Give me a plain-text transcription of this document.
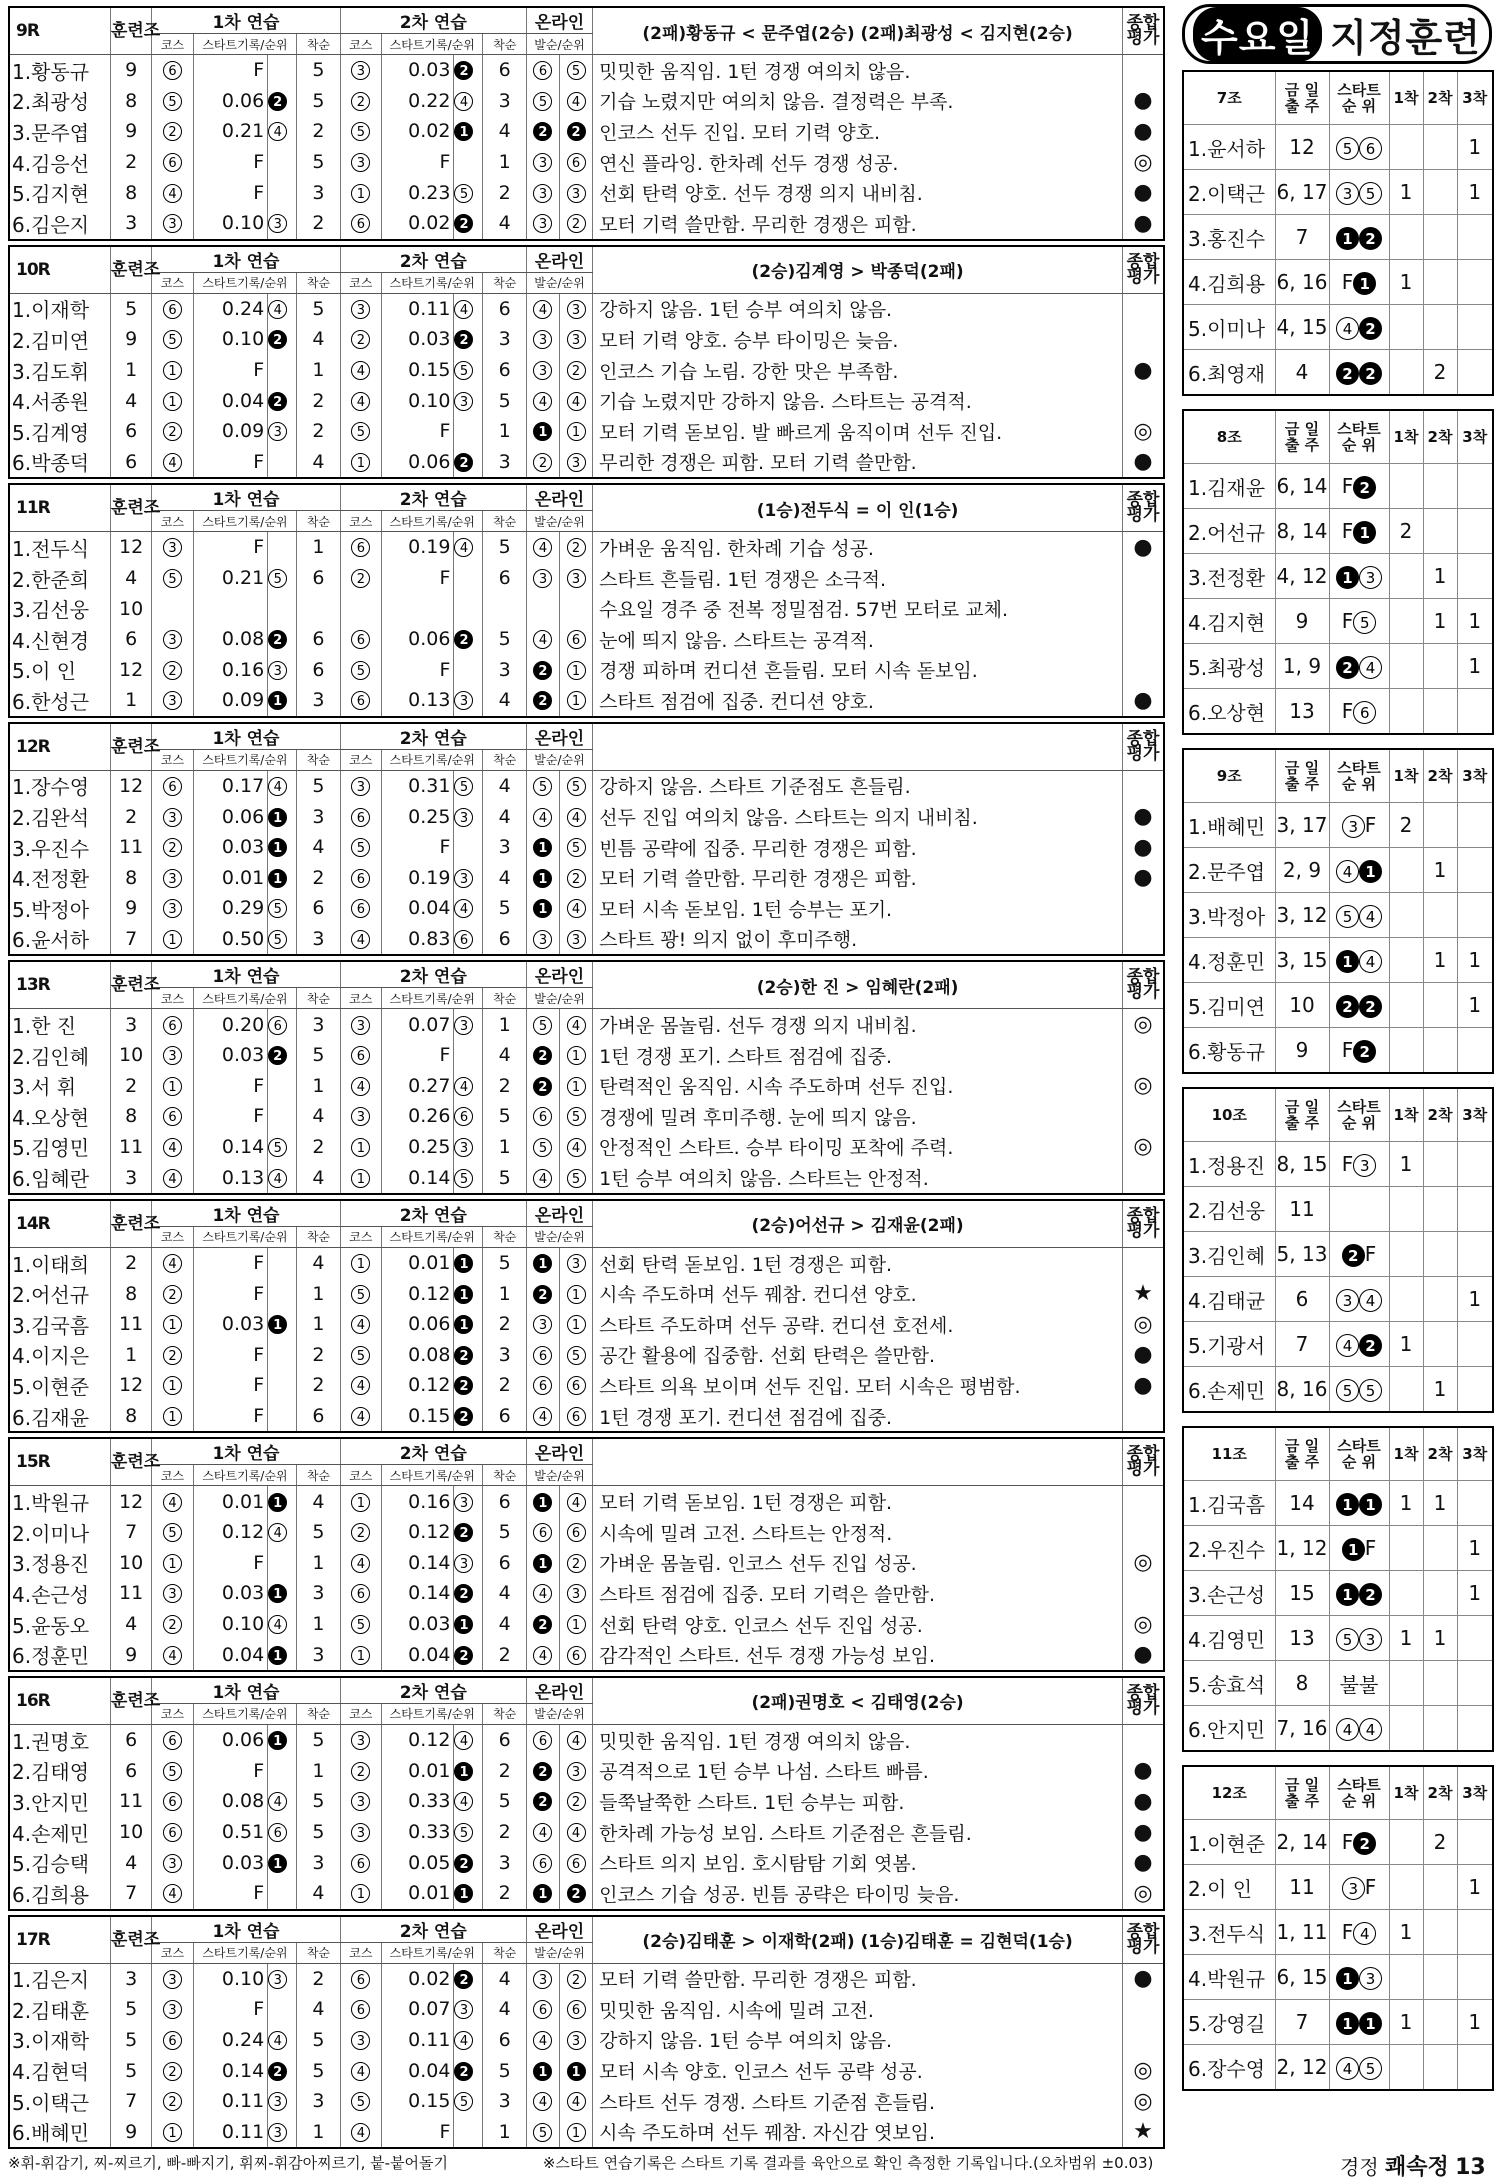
9R	훈련조	1차 연습				2차 연습				온라인		(2패)황동규 < 문주엽(2승) (2패)최광성 < 김지현(2승)	종합평가
		코스	스타트기록/순위		착순	코스	스타트기록/순위		착순	발순/순위			
1.황동규	9	6	F		5	3	0.03	2	6	6	5	밋밋한 움직임. 1턴 경쟁 여의치 않음.	
2.최광성	8	5	0.06	2	5	2	0.22	4	3	5	4	기습 노렸지만 여의치 않음. 결정력은 부족.	●
3.문주엽	9	2	0.21	4	2	5	0.02	1	4	2	2	인코스 선두 진입. 모터 기력 양호.	●
4.김응선	2	6	F		5	3	F		1	3	6	연신 플라잉. 한차례 선두 경쟁 성공.	◎
5.김지현	8	4	F		3	1	0.23	5	2	3	3	선회 탄력 양호. 선두 경쟁 의지 내비침.	●
6.김은지	3	3	0.10	3	2	6	0.02	2	4	3	2	모터 기력 쓸만함. 무리한 경쟁은 피함.	●
10R	훈련조	1차 연습				2차 연습				온라인		(2승)김계영 > 박종덕(2패)	종합평가
		코스	스타트기록/순위		착순	코스	스타트기록/순위		착순	발순/순위			
1.이재학	5	6	0.24	4	5	3	0.11	4	6	4	3	강하지 않음. 1턴 승부 여의치 않음.	
2.김미연	9	5	0.10	2	4	2	0.03	2	3	3	3	모터 기력 양호. 승부 타이밍은 늦음.	
3.김도휘	1	1	F		1	4	0.15	5	6	3	2	인코스 기습 노림. 강한 맛은 부족함.	●
4.서종원	4	1	0.04	2	2	4	0.10	3	5	4	4	기습 노렸지만 강하지 않음. 스타트는 공격적.	
5.김계영	6	2	0.09	3	2	5	F		1	1	1	모터 기력 돋보임. 발 빠르게 움직이며 선두 진입.	◎
6.박종덕	6	4	F		4	1	0.06	2	3	2	3	무리한 경쟁은 피함. 모터 기력 쓸만함.	●
11R	훈련조	1차 연습				2차 연습				온라인		(1승)전두식 = 이 인(1승)	종합평가
		코스	스타트기록/순위		착순	코스	스타트기록/순위		착순	발순/순위			
1.전두식	12	3	F		1	6	0.19	4	5	4	2	가벼운 움직임. 한차례 기습 성공.	●
2.한준희	4	5	0.21	5	6	2	F		6	3	3	스타트 흔들림. 1턴 경쟁은 소극적.	
3.김선웅	10											수요일 경주 중 전복 정밀점검. 57번 모터로 교체.	
4.신현경	6	3	0.08	2	6	6	0.06	2	5	4	6	눈에 띄지 않음. 스타트는 공격적.	
5.이 인	12	2	0.16	3	6	5	F		3	2	1	경쟁 피하며 컨디션 흔들림. 모터 시속 돋보임.	
6.한성근	1	3	0.09	1	3	6	0.13	3	4	2	1	스타트 점검에 집중. 컨디션 양호.	●
12R	훈련조	1차 연습				2차 연습				온라인			종합평가
		코스	스타트기록/순위		착순	코스	스타트기록/순위		착순	발순/순위			
1.장수영	12	6	0.17	4	5	3	0.31	5	4	5	5	강하지 않음. 스타트 기준점도 흔들림.	
2.김완석	2	3	0.06	1	3	6	0.25	3	4	4	4	선두 진입 여의치 않음. 스타트는 의지 내비침.	●
3.우진수	11	2	0.03	1	4	5	F		3	1	5	빈틈 공략에 집중. 무리한 경쟁은 피함.	●
4.전정환	8	3	0.01	1	2	6	0.19	3	4	1	2	모터 기력 쓸만함. 무리한 경쟁은 피함.	●
5.박정아	9	3	0.29	5	6	6	0.04	4	5	1	4	모터 시속 돋보임. 1턴 승부는 포기.	
6.윤서하	7	1	0.50	5	3	4	0.83	6	6	3	3	스타트 꽝! 의지 없이 후미주행.	
13R	훈련조	1차 연습				2차 연습				온라인		(2승)한 진 > 임혜란(2패)	종합평가
		코스	스타트기록/순위		착순	코스	스타트기록/순위		착순	발순/순위			
1.한 진	3	6	0.20	6	3	3	0.07	3	1	5	4	가벼운 몸놀림. 선두 경쟁 의지 내비침.	◎
2.김인혜	10	3	0.03	2	5	6	F		4	2	1	1턴 경쟁 포기. 스타트 점검에 집중.	
3.서 휘	2	1	F		1	4	0.27	4	2	2	1	탄력적인 움직임. 시속 주도하며 선두 진입.	◎
4.오상현	8	6	F		4	3	0.26	6	5	6	5	경쟁에 밀려 후미주행. 눈에 띄지 않음.	
5.김영민	11	4	0.14	5	2	1	0.25	3	1	5	4	안정적인 스타트. 승부 타이밍 포착에 주력.	◎
6.임혜란	3	4	0.13	4	4	1	0.14	5	5	4	5	1턴 승부 여의치 않음. 스타트는 안정적.	
14R	훈련조	1차 연습				2차 연습				온라인		(2승)어선규 > 김재윤(2패)	종합평가
		코스	스타트기록/순위		착순	코스	스타트기록/순위		착순	발순/순위			
1.이태희	2	4	F		4	1	0.01	1	5	1	3	선회 탄력 돋보임. 1턴 경쟁은 피함.	
2.어선규	8	2	F		1	5	0.12	1	1	2	1	시속 주도하며 선두 꿰참. 컨디션 양호.	★
3.김국흠	11	1	0.03	1	1	4	0.06	1	2	3	1	스타트 주도하며 선두 공략. 컨디션 호전세.	◎
4.이지은	1	2	F		2	5	0.08	2	3	6	5	공간 활용에 집중함. 선회 탄력은 쓸만함.	●
5.이현준	12	1	F		2	4	0.12	2	2	6	6	스타트 의욕 보이며 선두 진입. 모터 시속은 평범함.	●
6.김재윤	8	1	F		6	4	0.15	2	6	4	6	1턴 경쟁 포기. 컨디션 점검에 집중.	
15R	훈련조	1차 연습				2차 연습				온라인			종합평가
		코스	스타트기록/순위		착순	코스	스타트기록/순위		착순	발순/순위			
1.박원규	12	4	0.01	1	4	1	0.16	3	6	1	4	모터 기력 돋보임. 1턴 경쟁은 피함.	
2.이미나	7	5	0.12	4	5	2	0.12	2	5	6	6	시속에 밀려 고전. 스타트는 안정적.	
3.정용진	10	1	F		1	4	0.14	3	6	1	2	가벼운 몸놀림. 인코스 선두 진입 성공.	◎
4.손근성	11	3	0.03	1	3	6	0.14	2	4	4	3	스타트 점검에 집중. 모터 기력은 쓸만함.	
5.윤동오	4	2	0.10	4	1	5	0.03	1	4	2	1	선회 탄력 양호. 인코스 선두 진입 성공.	◎
6.정훈민	9	4	0.04	1	3	1	0.04	2	2	4	6	감각적인 스타트. 선두 경쟁 가능성 보임.	●
16R	훈련조	1차 연습				2차 연습				온라인		(2패)권명호 < 김태영(2승)	종합평가
		코스	스타트기록/순위		착순	코스	스타트기록/순위		착순	발순/순위			
1.권명호	6	6	0.06	1	5	3	0.12	4	6	6	4	밋밋한 움직임. 1턴 경쟁 여의치 않음.	
2.김태영	6	5	F		1	2	0.01	1	2	2	3	공격적으로 1턴 승부 나섬. 스타트 빠름.	●
3.안지민	11	6	0.08	4	5	3	0.33	4	5	2	2	들쭉날쭉한 스타트. 1턴 승부는 피함.	●
4.손제민	10	6	0.51	6	5	3	0.33	5	2	4	4	한차례 가능성 보임. 스타트 기준점은 흔들림.	●
5.김승택	4	3	0.03	1	3	6	0.05	2	3	6	6	스타트 의지 보임. 호시탐탐 기회 엿봄.	●
6.김희용	7	4	F		4	1	0.01	1	2	1	2	인코스 기습 성공. 빈틈 공략은 타이밍 늦음.	◎
17R	훈련조	1차 연습				2차 연습				온라인		(2승)김태훈 > 이재학(2패) (1승)김태훈 = 김현덕(1승)	종합평가
		코스	스타트기록/순위		착순	코스	스타트기록/순위		착순	발순/순위			
1.김은지	3	3	0.10	3	2	6	0.02	2	4	3	2	모터 기력 쓸만함. 무리한 경쟁은 피함.	●
2.김태훈	5	3	F		4	6	0.07	3	4	6	6	밋밋한 움직임. 시속에 밀려 고전.	
3.이재학	5	6	0.24	4	5	3	0.11	4	6	4	3	강하지 않음. 1턴 승부 여의치 않음.	
4.김현덕	5	2	0.14	2	5	4	0.04	2	5	1	1	모터 시속 양호. 인코스 선두 공략 성공.	◎
5.이택근	7	2	0.11	3	3	5	0.15	5	3	4	4	스타트 선두 경쟁. 스타트 기준점 흔들림.	◎
6.배혜민	9	1	0.11	3	1	4	F		1	5	1	시속 주도하며 선두 꿰참. 자신감 엿보임.	★
수요일 지정훈련
7조	금 일
출 주	스타트
순 위	1착	2착	3착
1.윤서하	12	5 6			1
2.이택근	6, 17	3 5	1		1
3.홍진수	7	1 2			
4.김희용	6, 16	F 1	1		
5.이미나	4, 15	4 2			
6.최영재	4	2 2		2	
8조	금 일
출 주	스타트
순 위	1착	2착	3착
1.김재윤	6, 14	F 2			
2.어선규	8, 14	F 1	2		
3.전정환	4, 12	1 3		1	
4.김지현	9	F 5		1	1
5.최광성	1, 9	2 4			1
6.오상현	13	F 6			
9조	금 일
출 주	스타트
순 위	1착	2착	3착
1.배혜민	3, 17	3 F	2		
2.문주엽	2, 9	4 1		1	
3.박정아	3, 12	5 4			
4.정훈민	3, 15	1 4		1	1
5.김미연	10	2 2			1
6.황동규	9	F 2			
10조	금 일
출 주	스타트
순 위	1착	2착	3착
1.정용진	8, 15	F 3	1		
2.김선웅	11				
3.김인혜	5, 13	2 F			
4.김태균	6	3 4			1
5.기광서	7	4 2	1		
6.손제민	8, 16	5 5		1	
11조	금 일
출 주	스타트
순 위	1착	2착	3착
1.김국흠	14	1 1	1	1	
2.우진수	1, 12	1 F			1
3.손근성	15	1 2			1
4.김영민	13	5 3	1	1	
5.송효석	8	불불			
6.안지민	7, 16	4 4			
12조	금 일
출 주	스타트
순 위	1착	2착	3착
1.이현준	2, 14	F 2		2	
2.이 인	11	3 F			1
3.전두식	1, 11	F 4	1		
4.박원규	6, 15	1 3			
5.강영길	7	1 1	1		1
6.장수영	2, 12	4 5			
※휘-휘감기, 찌-찌르기, 빠-빠지기, 휘찌-휘감아찌르기, 붙-붙어돌기	※스타트 연습기록은 스타트 기록 결과를 육안으로 확인 측정한 기록입니다.(오차범위 ±0.03)	경정 쾌속정 13
